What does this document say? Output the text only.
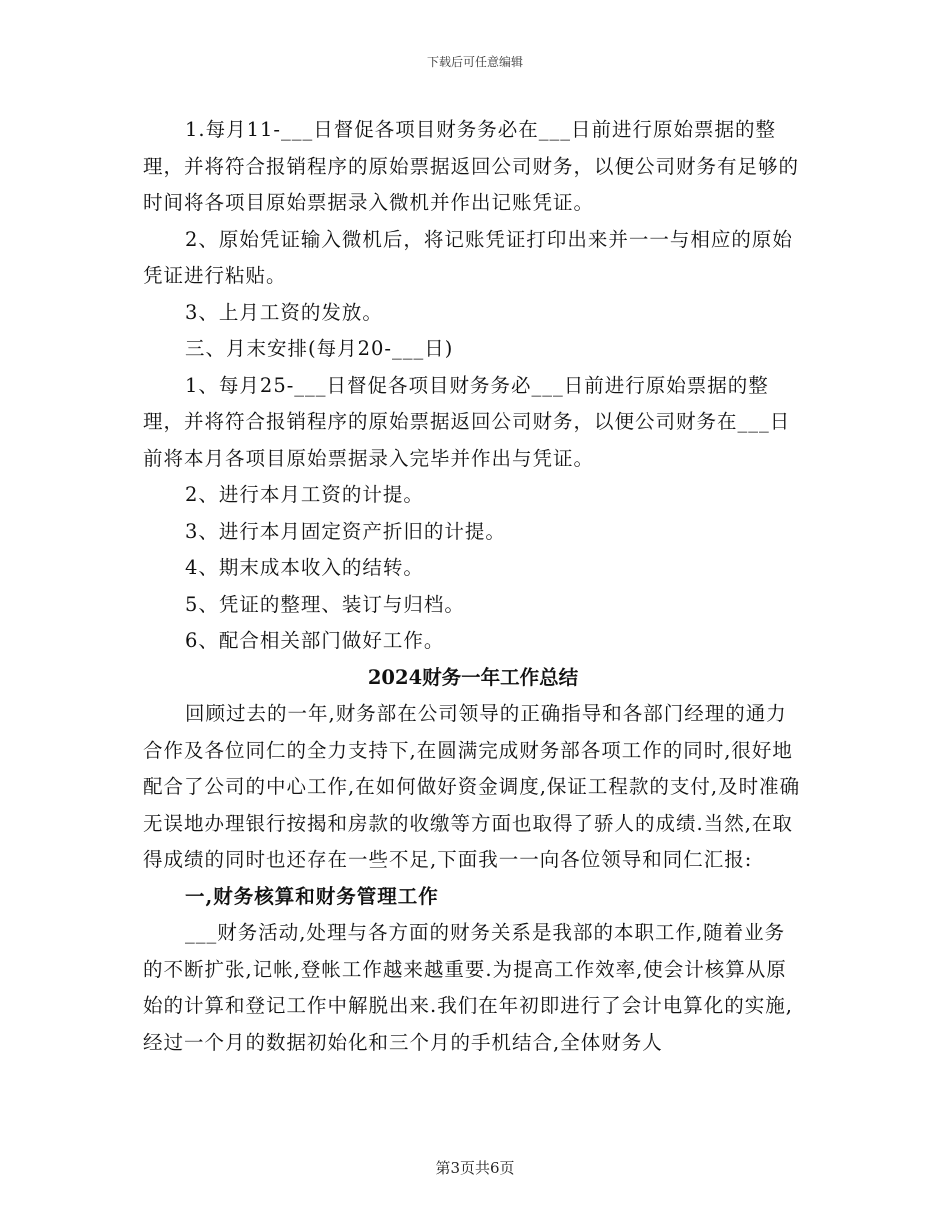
下载后可任意编辑

1.每月11-___日督促各项目财务务必在___日前进行原始票据的整理，并将符合报销程序的原始票据返回公司财务，以便公司财务有足够的时间将各项目原始票据录入微机并作出记账凭证。

2、原始凭证输入微机后，将记账凭证打印出来并一一与相应的原始凭证进行粘贴。

3、上月工资的发放。

三、月末安排(每月20-___日)

1、每月25-___日督促各项目财务务必___日前进行原始票据的整理，并将符合报销程序的原始票据返回公司财务，以便公司财务在___日前将本月各项目原始票据录入完毕并作出与凭证。

2、进行本月工资的计提。

3、进行本月固定资产折旧的计提。

4、期末成本收入的结转。

5、凭证的整理、装订与归档。

6、配合相关部门做好工作。

2024财务一年工作总结

回顾过去的一年,财务部在公司领导的正确指导和各部门经理的通力合作及各位同仁的全力支持下,在圆满完成财务部各项工作的同时,很好地配合了公司的中心工作,在如何做好资金调度,保证工程款的支付,及时准确无误地办理银行按揭和房款的收缴等方面也取得了骄人的成绩.当然,在取得成绩的同时也还存在一些不足,下面我一一向各位领导和同仁汇报:

一,财务核算和财务管理工作

___财务活动,处理与各方面的财务关系是我部的本职工作,随着业务的不断扩张,记帐,登帐工作越来越重要.为提高工作效率,使会计核算从原始的计算和登记工作中解脱出来.我们在年初即进行了会计电算化的实施,经过一个月的数据初始化和三个月的手机结合,全体财务人

第3页共6页
